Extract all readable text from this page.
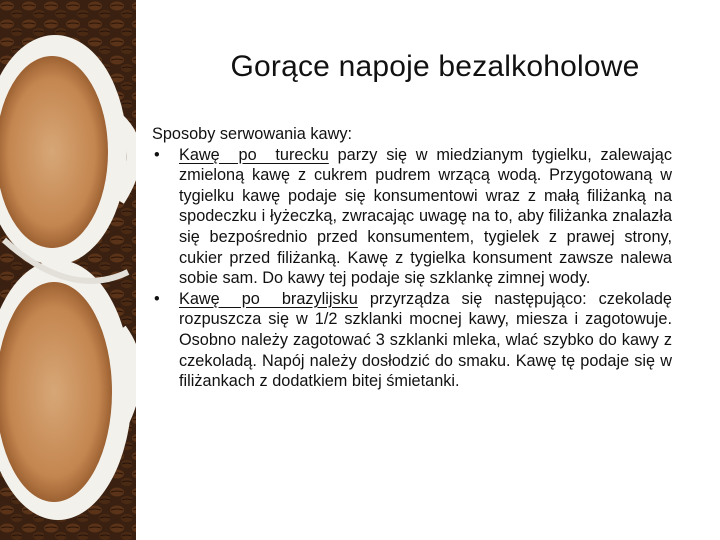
Gorące napoje bezalkoholowe

Sposoby serwowania kawy:

• Kawę po turecku parzy się w miedzianym tygielku, zalewając zmieloną kawę z cukrem pudrem wrzącą wodą. Przygotowaną w tygielku kawę podaje się konsumentowi wraz z małą filiżanką na spodeczku i łyżeczką, zwracając uwagę na to, aby filiżanka znalazła się bezpośrednio przed konsumentem, tygielek z prawej strony, cukier przed filiżanką. Kawę z tygielka konsument zawsze nalewa sobie sam. Do kawy tej podaje się szklankę zimnej wody.
• Kawę po brazylijsku przyrządza się następująco: czekoladę rozpuszcza się w 1/2 szklanki mocnej kawy, miesza i zagotowuje. Osobno należy zagotować 3 szklanki mleka, wlać szybko do kawy z czekoladą. Napój należy dosłodzić do smaku. Kawę tę podaje się w filiżankach z dodatkiem bitej śmietanki.
